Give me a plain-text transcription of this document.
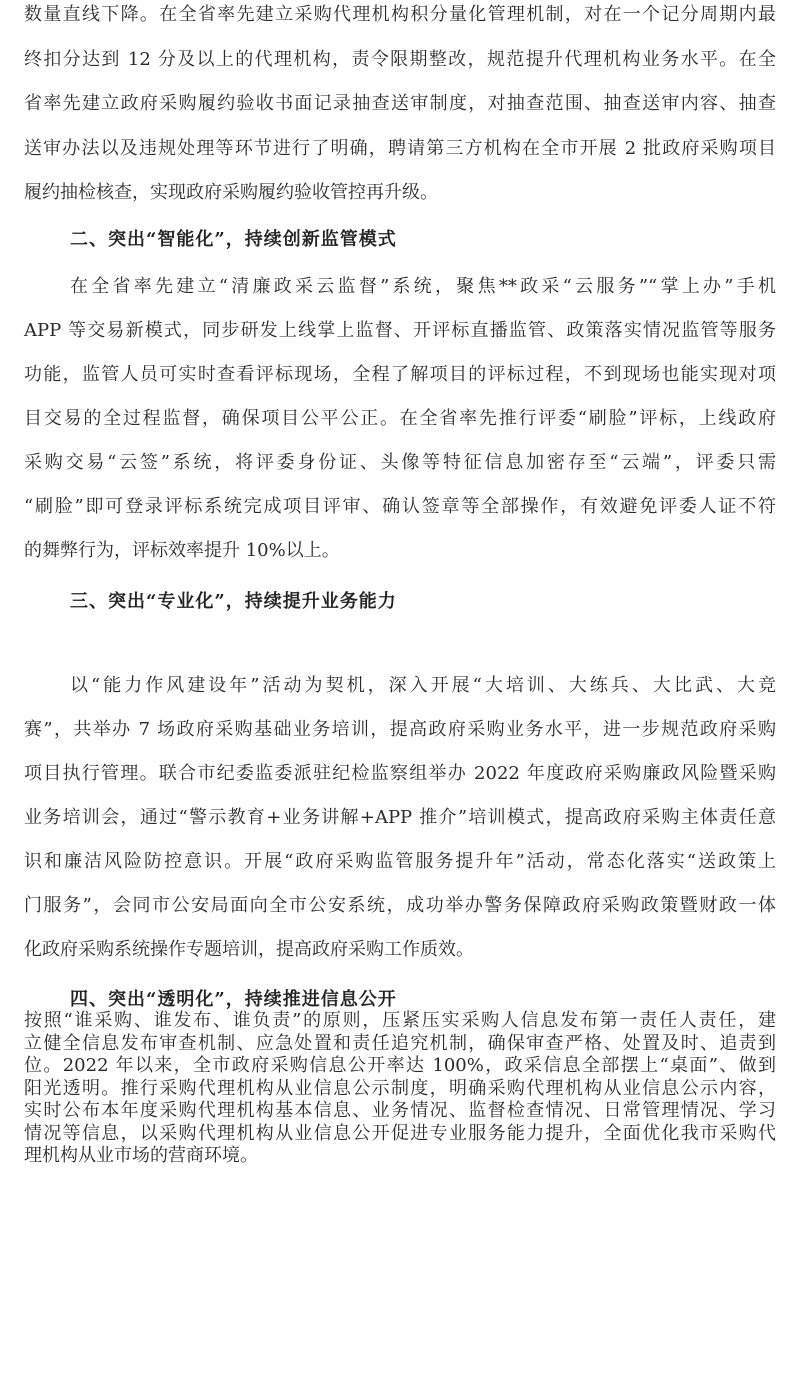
数量直线下降。在全省率先建立采购代理机构积分量化管理机制，对在一个记分周期内最
终扣分达到 12 分及以上的代理机构，责令限期整改，规范提升代理机构业务水平。在全
省率先建立政府采购履约验收书面记录抽查送审制度，对抽查范围、抽查送审内容、抽查
送审办法以及违规处理等环节进行了明确，聘请第三方机构在全市开展 2 批政府采购项目
履约抽检核查，实现政府采购履约验收管控再升级。
二、突出“智能化”，持续创新监管模式
在全省率先建立“清廉政采云监督”系统，聚焦**政采“云服务”“掌上办”手机
APP 等交易新模式，同步研发上线掌上监督、开评标直播监管、政策落实情况监管等服务
功能，监管人员可实时查看评标现场，全程了解项目的评标过程，不到现场也能实现对项
目交易的全过程监督，确保项目公平公正。在全省率先推行评委“刷脸”评标，上线政府
采购交易“云签”系统，将评委身份证、头像等特征信息加密存至“云端”，评委只需
“刷脸”即可登录评标系统完成项目评审、确认签章等全部操作，有效避免评委人证不符
的舞弊行为，评标效率提升 10%以上。
三、突出“专业化”，持续提升业务能力
以“能力作风建设年”活动为契机，深入开展“大培训、大练兵、大比武、大竞
赛”，共举办 7 场政府采购基础业务培训，提高政府采购业务水平，进一步规范政府采购
项目执行管理。联合市纪委监委派驻纪检监察组举办 2022 年度政府采购廉政风险暨采购
业务培训会，通过“警示教育+业务讲解+APP 推介”培训模式，提高政府采购主体责任意
识和廉洁风险防控意识。开展“政府采购监管服务提升年”活动，常态化落实“送政策上
门服务”，会同市公安局面向全市公安系统，成功举办警务保障政府采购政策暨财政一体
化政府采购系统操作专题培训，提高政府采购工作质效。
四、突出“透明化”，持续推进信息公开
按照“谁采购、谁发布、谁负责”的原则，压紧压实采购人信息发布第一责任人责任，建
立健全信息发布审查机制、应急处置和责任追究机制，确保审查严格、处置及时、追责到
位。2022 年以来，全市政府采购信息公开率达 100%，政采信息全部摆上“桌面”、做到
阳光透明。推行采购代理机构从业信息公示制度，明确采购代理机构从业信息公示内容，
实时公布本年度采购代理机构基本信息、业务情况、监督检查情况、日常管理情况、学习
情况等信息，以采购代理机构从业信息公开促进专业服务能力提升，全面优化我市采购代
理机构从业市场的营商环境。
